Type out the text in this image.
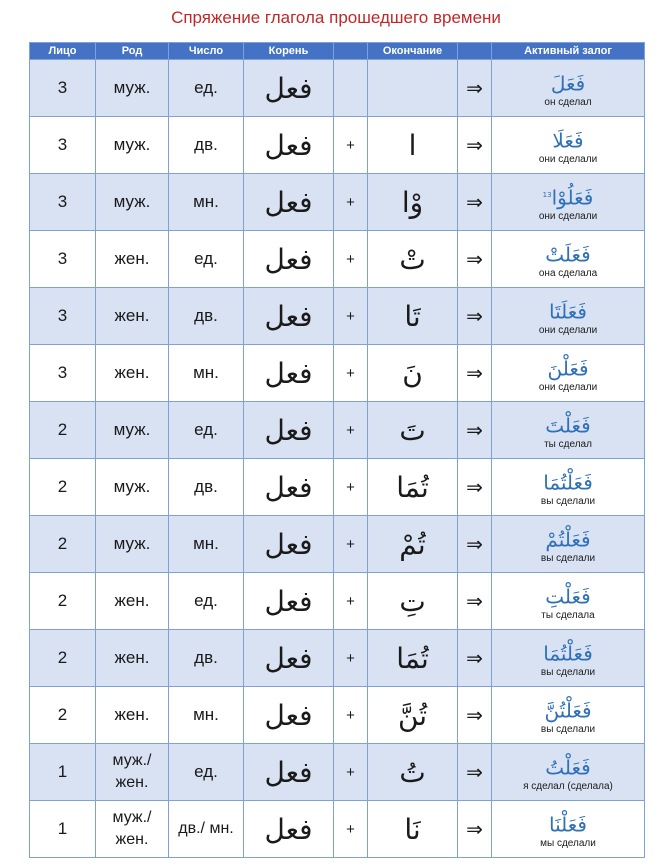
Спряжение глагола прошедшего времени
Лицо	Род	Число	Корень		Окончание		Активный залог
3	муж.	ед.	فعل			⇒	فَعَلَ
он сделал

3	муж.	дв.	فعل	+	ا	⇒	فَعَلَا
они сделали

3	муж.	мн.	فعل	+	وْا	⇒	$^{13}$فَعَلُوْا
они сделали

3	жен.	ед.	فعل	+	تْ	⇒	فَعَلَتْ
она сделала

3	жен.	дв.	فعل	+	تَا	⇒	فَعَلَتَا
они сделали

3	жен.	мн.	فعل	+	نَ	⇒	فَعَلْنَ
они сделали

2	муж.	ед.	فعل	+	تَ	⇒	فَعَلْتَ
ты сделал

2	муж.	дв.	فعل	+	تُمَا	⇒	فَعَلْتُمَا
вы сделали

2	муж.	мн.	فعل	+	تُمْ	⇒	فَعَلْتُمْ
вы сделали

2	жен.	ед.	فعل	+	تِ	⇒	فَعَلْتِ
ты сделала

2	жен.	дв.	فعل	+	تُمَا	⇒	فَعَلْتُمَا
вы сделали

2	жен.	мн.	فعل	+	تُنَّ	⇒	فَعَلْتُنَّ
вы сделали

1	муж./ жен.	ед.	فعل	+	تُ	⇒	فَعَلْتُ
я сделал (сделала)

1	муж./ жен.	дв./ мн.	فعل	+	نَا	⇒	فَعَلْنَا
мы сделали
